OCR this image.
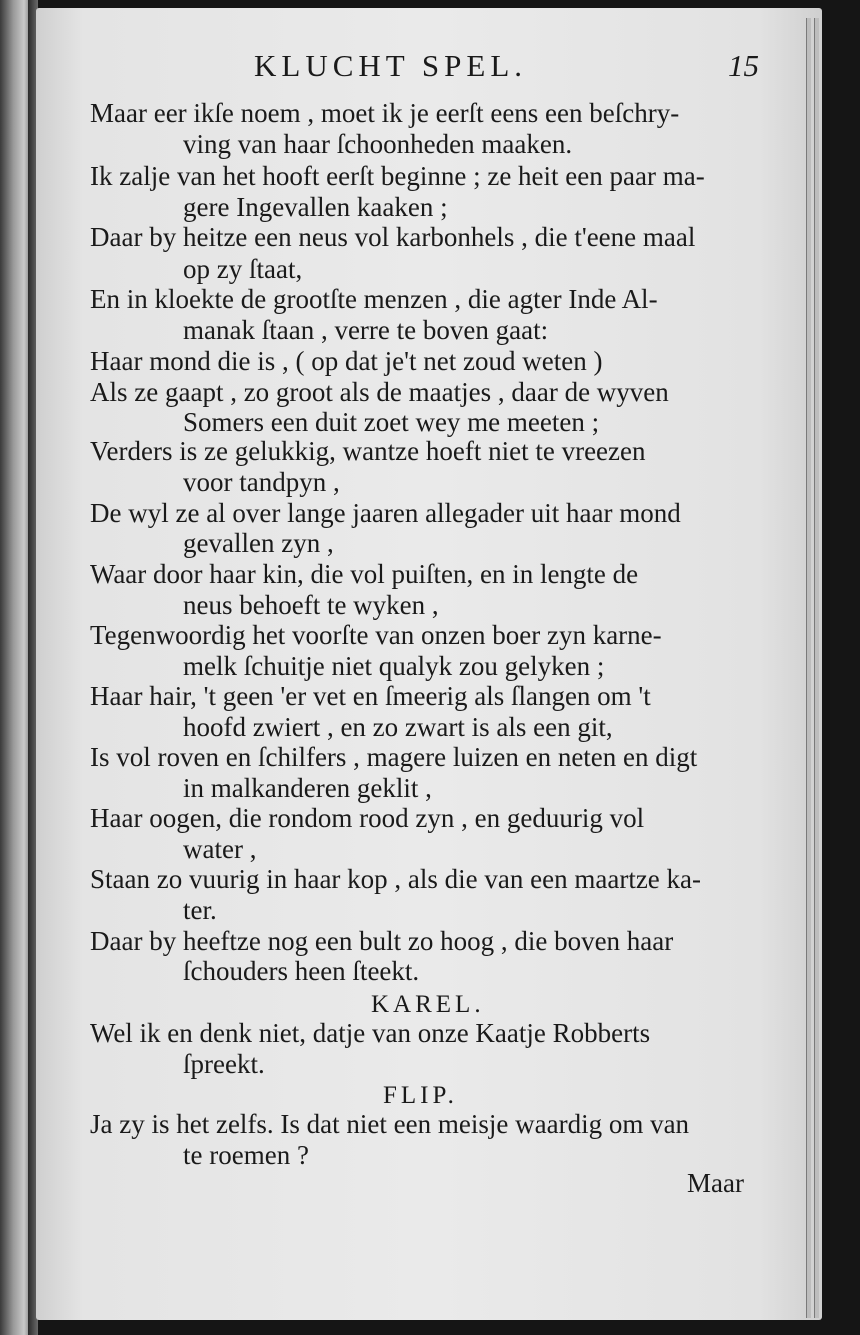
KLUCHT SPEL.	15
Maar eer ikſe noem , moet ik je eerſt eens een beſchry-
ving van haar ſchoonheden maaken.
Ik zalje van het hooft eerſt beginne ; ze heit een paar ma-
gere Ingevallen kaaken ;
Daar by heitze een neus vol karbonhels , die t'eene maal
op zy ſtaat,
En in kloekte de grootſte menzen , die agter Inde Al-
manak ſtaan , verre te boven gaat:
Haar mond die is , ( op dat je't net zoud weten )
Als ze gaapt , zo groot als de maatjes , daar de wyven
Somers een duit zoet wey me meeten ;
Verders is ze gelukkig, wantze hoeft niet te vreezen
voor tandpyn ,
De wyl ze al over lange jaaren allegader uit haar mond
gevallen zyn ,
Waar door haar kin, die vol puiſten, en in lengte de
neus behoeft te wyken ,
Tegenwoordig het voorſte van onzen boer zyn karne-
melk ſchuitje niet qualyk zou gelyken ;
Haar hair, 't geen 'er vet en ſmeerig als ſlangen om 't
hoofd zwiert , en zo zwart is als een git,
Is vol roven en ſchilfers , magere luizen en neten en digt
in malkanderen geklit ,
Haar oogen, die rondom rood zyn , en geduurig vol
water ,
Staan zo vuurig in haar kop , als die van een maartze ka-
ter.
Daar by heeftze nog een bult zo hoog , die boven haar
ſchouders heen ſteekt.
KAREL.
Wel ik en denk niet, datje van onze Kaatje Robberts
ſpreekt.
FLIP.
Ja zy is het zelfs. Is dat niet een meisje waardig om van
te roemen ?
Maar
